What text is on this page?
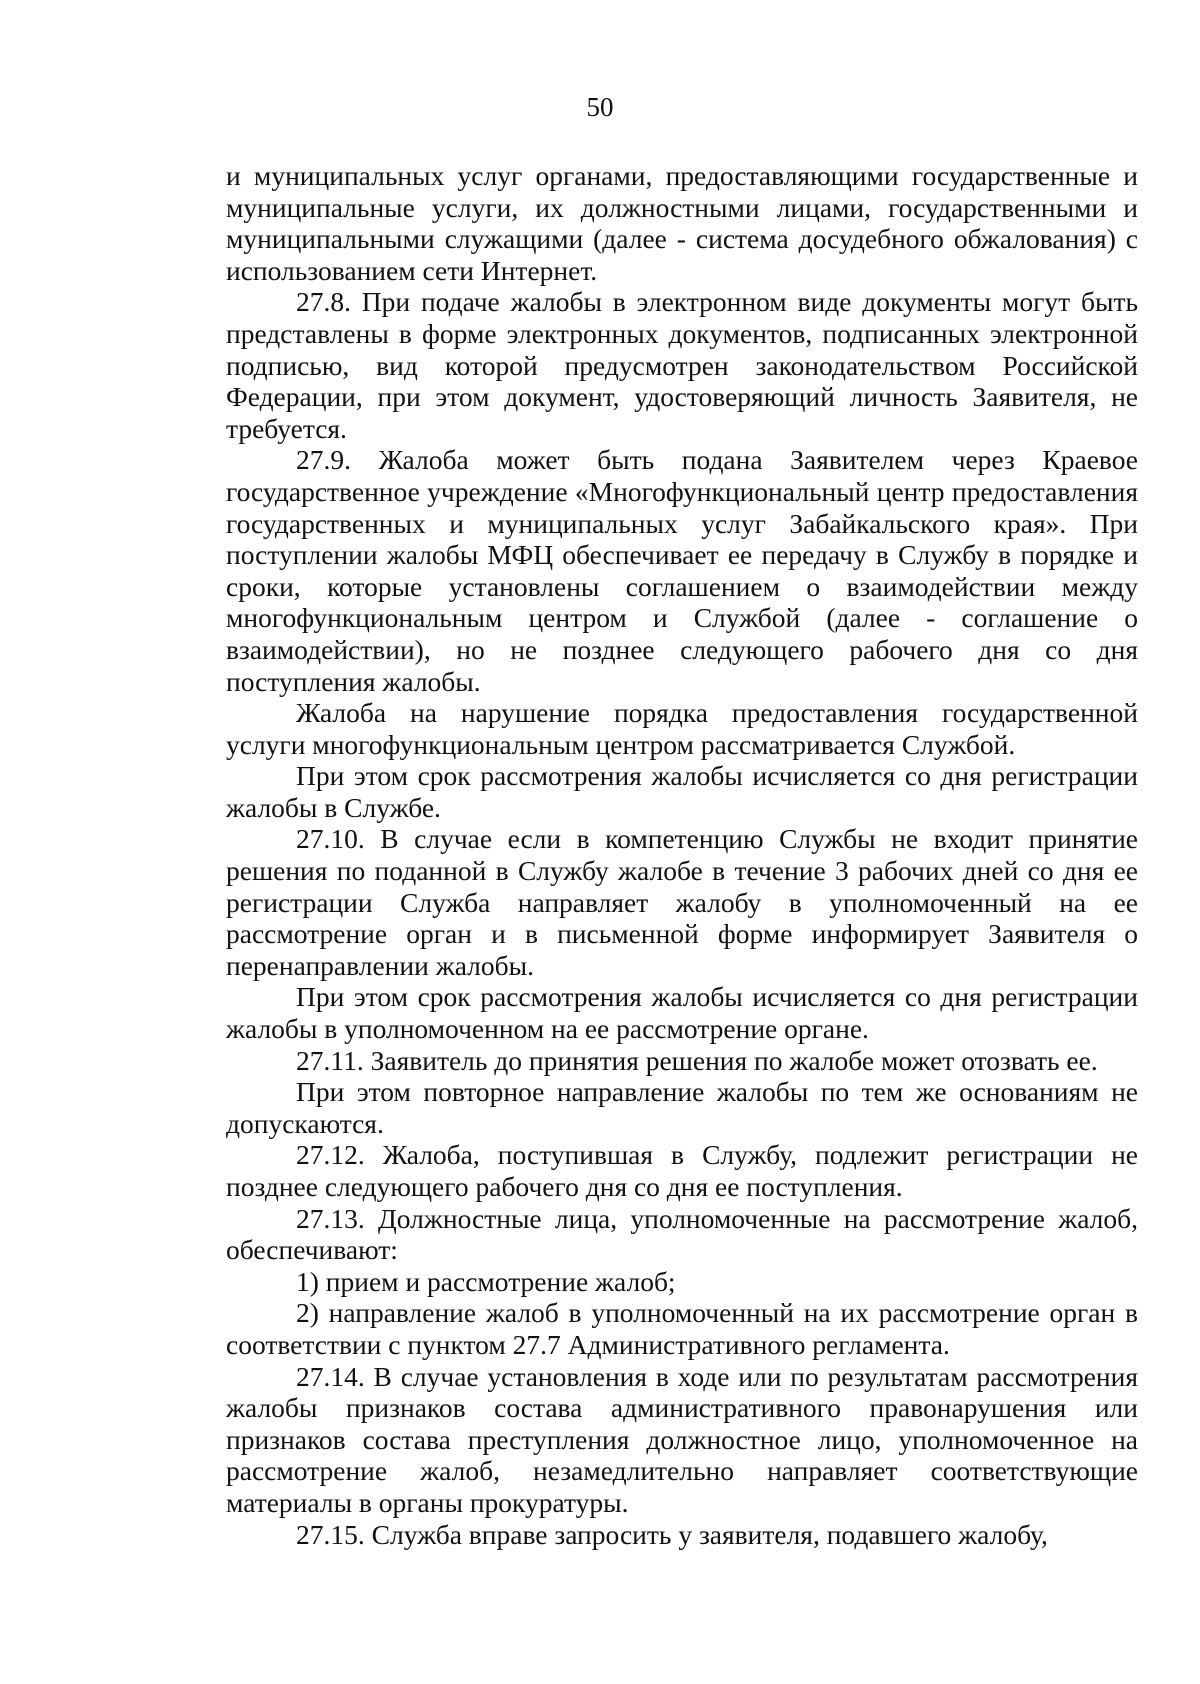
50

и муниципальных услуг органами, предоставляющими государственные и муниципальные услуги, их должностными лицами, государственными и муниципальными служащими (далее - система досудебного обжалования) с использованием сети Интернет.

27.8. При подаче жалобы в электронном виде документы могут быть представлены в форме электронных документов, подписанных электронной подписью, вид которой предусмотрен законодательством Российской Федерации, при этом документ, удостоверяющий личность Заявителя, не требуется.

27.9. Жалоба может быть подана Заявителем через Краевое государственное учреждение «Многофункциональный центр предоставления государственных и муниципальных услуг Забайкальского края». При поступлении жалобы МФЦ обеспечивает ее передачу в Службу в порядке и сроки, которые установлены соглашением о взаимодействии между многофункциональным центром и Службой (далее - соглашение о взаимодействии), но не позднее следующего рабочего дня со дня поступления жалобы.

Жалоба на нарушение порядка предоставления государственной услуги многофункциональным центром рассматривается Службой.

При этом срок рассмотрения жалобы исчисляется со дня регистрации жалобы в Службе.

27.10. В случае если в компетенцию Службы не входит принятие решения по поданной в Службу жалобе в течение 3 рабочих дней со дня ее регистрации Служба направляет жалобу в уполномоченный на ее рассмотрение орган и в письменной форме информирует Заявителя о перенаправлении жалобы.

При этом срок рассмотрения жалобы исчисляется со дня регистрации жалобы в уполномоченном на ее рассмотрение органе.

27.11. Заявитель до принятия решения по жалобе может отозвать ее.

При этом повторное направление жалобы по тем же основаниям не допускаются.

27.12. Жалоба, поступившая в Службу, подлежит регистрации не позднее следующего рабочего дня со дня ее поступления.

27.13. Должностные лица, уполномоченные на рассмотрение жалоб, обеспечивают:

1) прием и рассмотрение жалоб;

2) направление жалоб в уполномоченный на их рассмотрение орган в соответствии с пунктом 27.7 Административного регламента.

27.14. В случае установления в ходе или по результатам рассмотрения жалобы признаков состава административного правонарушения или признаков состава преступления должностное лицо, уполномоченное на рассмотрение жалоб, незамедлительно направляет соответствующие материалы в органы прокуратуры.

27.15. Служба вправе запросить у заявителя, подавшего жалобу,
